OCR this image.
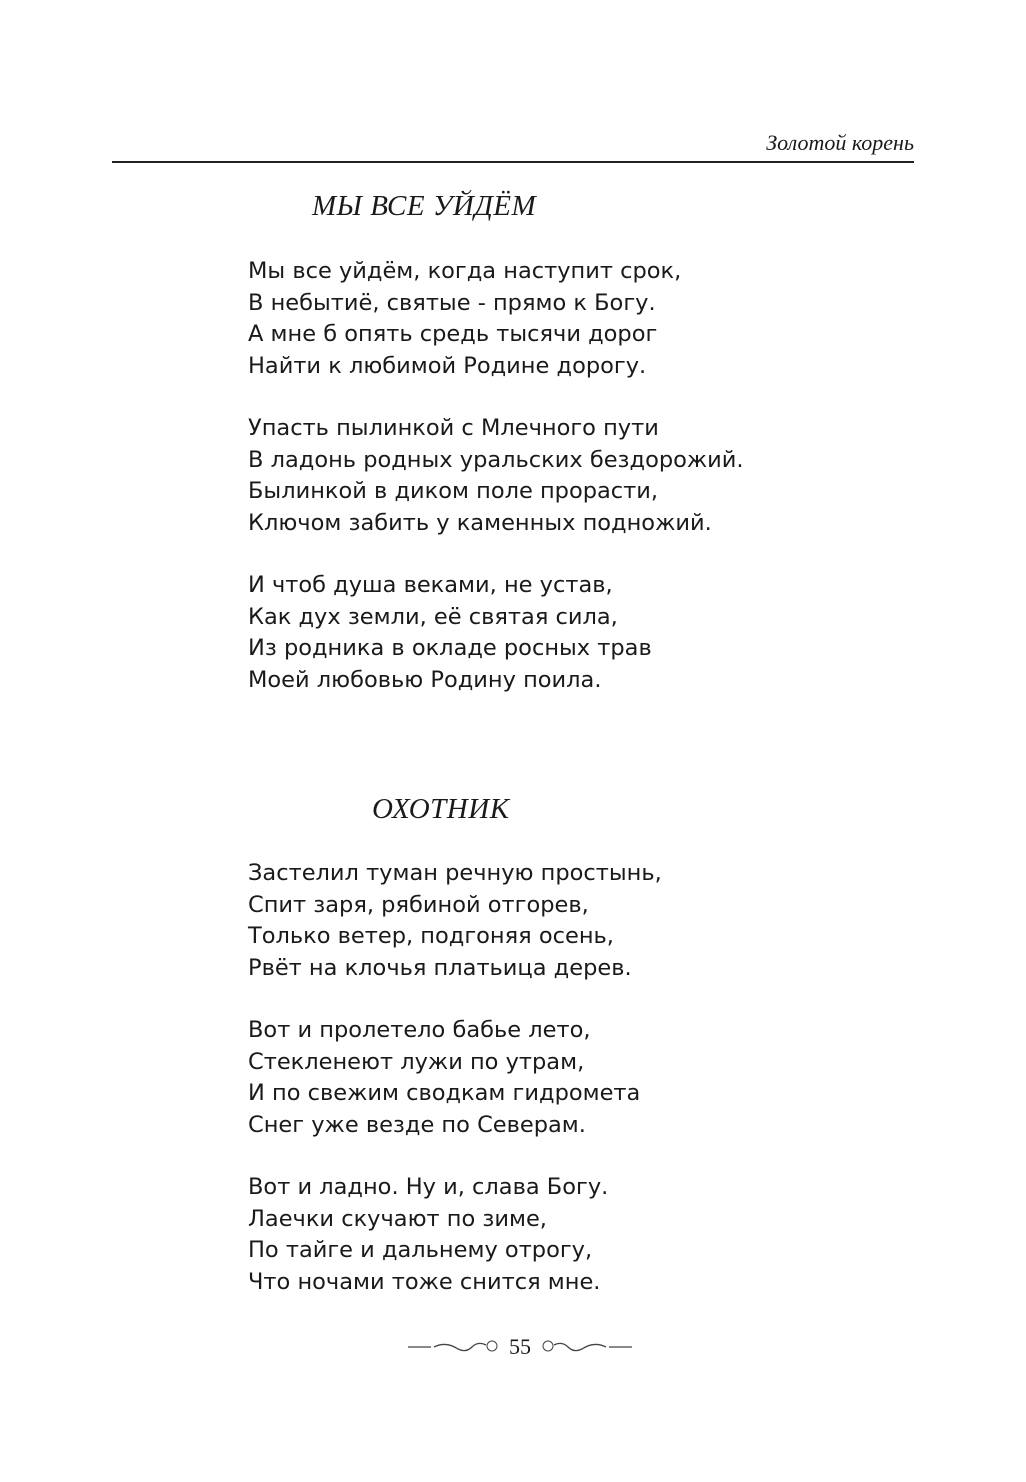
Золотой корень
МЫ ВСЕ УЙДЁМ
Мы все уйдём, когда наступит срок,
В небытиё, святые - прямо к Богу.
А мне б опять средь тысячи дорог
Найти к любимой Родине дорогу.
Упасть пылинкой с Млечного пути
В ладонь родных уральских бездорожий.
Былинкой в диком поле прорасти,
Ключом забить у каменных подножий.
И чтоб душа веками, не устав,
Как дух земли, её святая сила,
Из родника в окладе росных трав
Моей любовью Родину поила.
ОХОТНИК
Застелил туман речную простынь,
Спит заря, рябиной отгорев,
Только ветер, подгоняя осень,
Рвёт на клочья платьица дерев.
Вот и пролетело бабье лето,
Стекленеют лужи по утрам,
И по свежим сводкам гидромета
Снег уже везде по Северам.
Вот и ладно. Ну и, слава Богу.
Лаечки скучают по зиме,
По тайге и дальнему отрогу,
Что ночами тоже снится мне.
55
